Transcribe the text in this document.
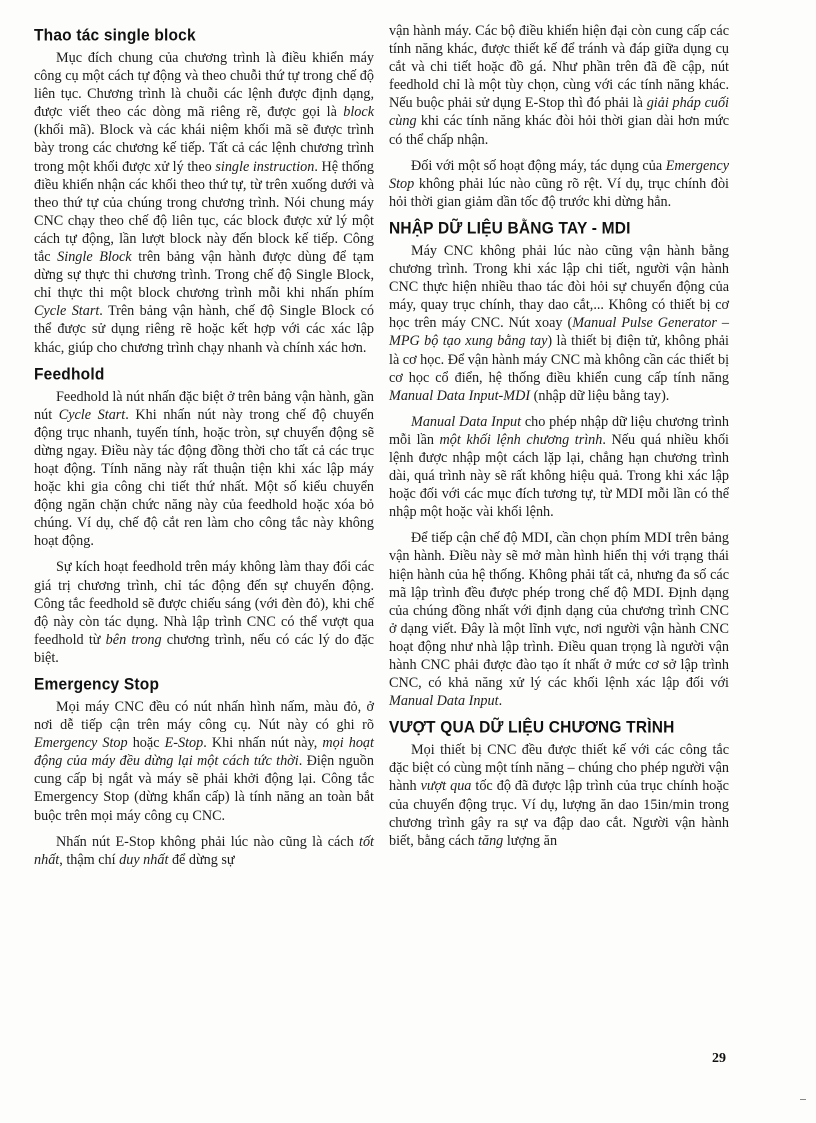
Thao tác single block

Mục đích chung của chương trình là điều khiển máy công cụ một cách tự động và theo chuỗi thứ tự trong chế độ liên tục. Chương trình là chuỗi các lệnh được định dạng, được viết theo các dòng mã riêng rẽ, được gọi là block (khối mã). Block và các khái niệm khối mã sẽ được trình bày trong các chương kế tiếp. Tất cả các lệnh chương trình trong một khối được xử lý theo single instruction. Hệ thống điều khiển nhận các khối theo thứ tự, từ trên xuống dưới và theo thứ tự của chúng trong chương trình. Nói chung máy CNC chạy theo chế độ liên tục, các block được xử lý một cách tự động, lần lượt block này đến block kế tiếp. Công tắc Single Block trên bảng vận hành được dùng để tạm dừng sự thực thi chương trình. Trong chế độ Single Block, chỉ thực thi một block chương trình mỗi khi nhấn phím Cycle Start. Trên bảng vận hành, chế độ Single Block có thể được sử dụng riêng rẽ hoặc kết hợp với các xác lập khác, giúp cho chương trình chạy nhanh và chính xác hơn.

Feedhold

Feedhold là nút nhấn đặc biệt ở trên bảng vận hành, gần nút Cycle Start. Khi nhấn nút này trong chế độ chuyển động trục nhanh, tuyến tính, hoặc tròn, sự chuyển động sẽ dừng ngay. Điều này tác động đồng thời cho tất cả các trục hoạt động. Tính năng này rất thuận tiện khi xác lập máy hoặc khi gia công chi tiết thứ nhất. Một số kiểu chuyển động ngăn chặn chức năng này của feedhold hoặc xóa bỏ chúng. Ví dụ, chế độ cắt ren làm cho công tắc này không hoạt động.

Sự kích hoạt feedhold trên máy không làm thay đổi các giá trị chương trình, chỉ tác động đến sự chuyển động. Công tắc feedhold sẽ được chiếu sáng (với đèn đỏ), khi chế độ này còn tác dụng. Nhà lập trình CNC có thể vượt qua feedhold từ bên trong chương trình, nếu có các lý do đặc biệt.

Emergency Stop

Mọi máy CNC đều có nút nhấn hình nấm, màu đỏ, ở nơi dễ tiếp cận trên máy công cụ. Nút này có ghi rõ Emergency Stop hoặc E-Stop. Khi nhấn nút này, mọi hoạt động của máy đều dừng lại một cách tức thời. Điện nguồn cung cấp bị ngắt và máy sẽ phải khởi động lại. Công tắc Emergency Stop (dừng khẩn cấp) là tính năng an toàn bắt buộc trên mọi máy công cụ CNC.

Nhấn nút E-Stop không phải lúc nào cũng là cách tốt nhất, thậm chí duy nhất để dừng sự

vận hành máy. Các bộ điều khiển hiện đại còn cung cấp các tính năng khác, được thiết kế để tránh và đáp giữa dụng cụ cắt và chi tiết hoặc đồ gá. Như phần trên đã đề cập, nút feedhold chỉ là một tùy chọn, cùng với các tính năng khác. Nếu buộc phải sử dụng E-Stop thì đó phải là giải pháp cuối cùng khi các tính năng khác đòi hỏi thời gian dài hơn mức có thể chấp nhận.

Đối với một số hoạt động máy, tác dụng của Emergency Stop không phải lúc nào cũng rõ rệt. Ví dụ, trục chính đòi hỏi thời gian giảm dần tốc độ trước khi dừng hẳn.

NHẬP DỮ LIỆU BẰNG TAY - MDI

Máy CNC không phải lúc nào cũng vận hành bằng chương trình. Trong khi xác lập chi tiết, người vận hành CNC thực hiện nhiều thao tác đòi hỏi sự chuyển động của máy, quay trục chính, thay dao cắt,... Không có thiết bị cơ học trên máy CNC. Nút xoay (Manual Pulse Generator – MPG bộ tạo xung bằng tay) là thiết bị điện tử, không phải là cơ học. Để vận hành máy CNC mà không cần các thiết bị cơ học cổ điển, hệ thống điều khiển cung cấp tính năng Manual Data Input-MDI (nhập dữ liệu bằng tay).

Manual Data Input cho phép nhập dữ liệu chương trình mỗi lần một khối lệnh chương trình. Nếu quá nhiều khối lệnh được nhập một cách lặp lại, chẳng hạn chương trình dài, quá trình này sẽ rất không hiệu quả. Trong khi xác lập hoặc đối với các mục đích tương tự, từ MDI mỗi lần có thể nhập một hoặc vài khối lệnh.

Để tiếp cận chế độ MDI, cần chọn phím MDI trên bảng vận hành. Điều này sẽ mở màn hình hiển thị với trạng thái hiện hành của hệ thống. Không phải tất cả, nhưng đa số các mã lập trình đều được phép trong chế độ MDI. Định dạng của chúng đồng nhất với định dạng của chương trình CNC ở dạng viết. Đây là một lĩnh vực, nơi người vận hành CNC hoạt động như nhà lập trình. Điều quan trọng là người vận hành CNC phải được đào tạo ít nhất ở mức cơ sở lập trình CNC, có khả năng xử lý các khối lệnh xác lập đối với Manual Data Input.

VƯỢT QUA DỮ LIỆU CHƯƠNG TRÌNH

Mọi thiết bị CNC đều được thiết kế với các công tắc đặc biệt có cùng một tính năng – chúng cho phép người vận hành vượt qua tốc độ đã được lập trình của trục chính hoặc của chuyển động trục. Ví dụ, lượng ăn dao 15in/min trong chương trình gây ra sự va đập dao cắt. Người vận hành biết, bằng cách tăng lượng ăn

29
